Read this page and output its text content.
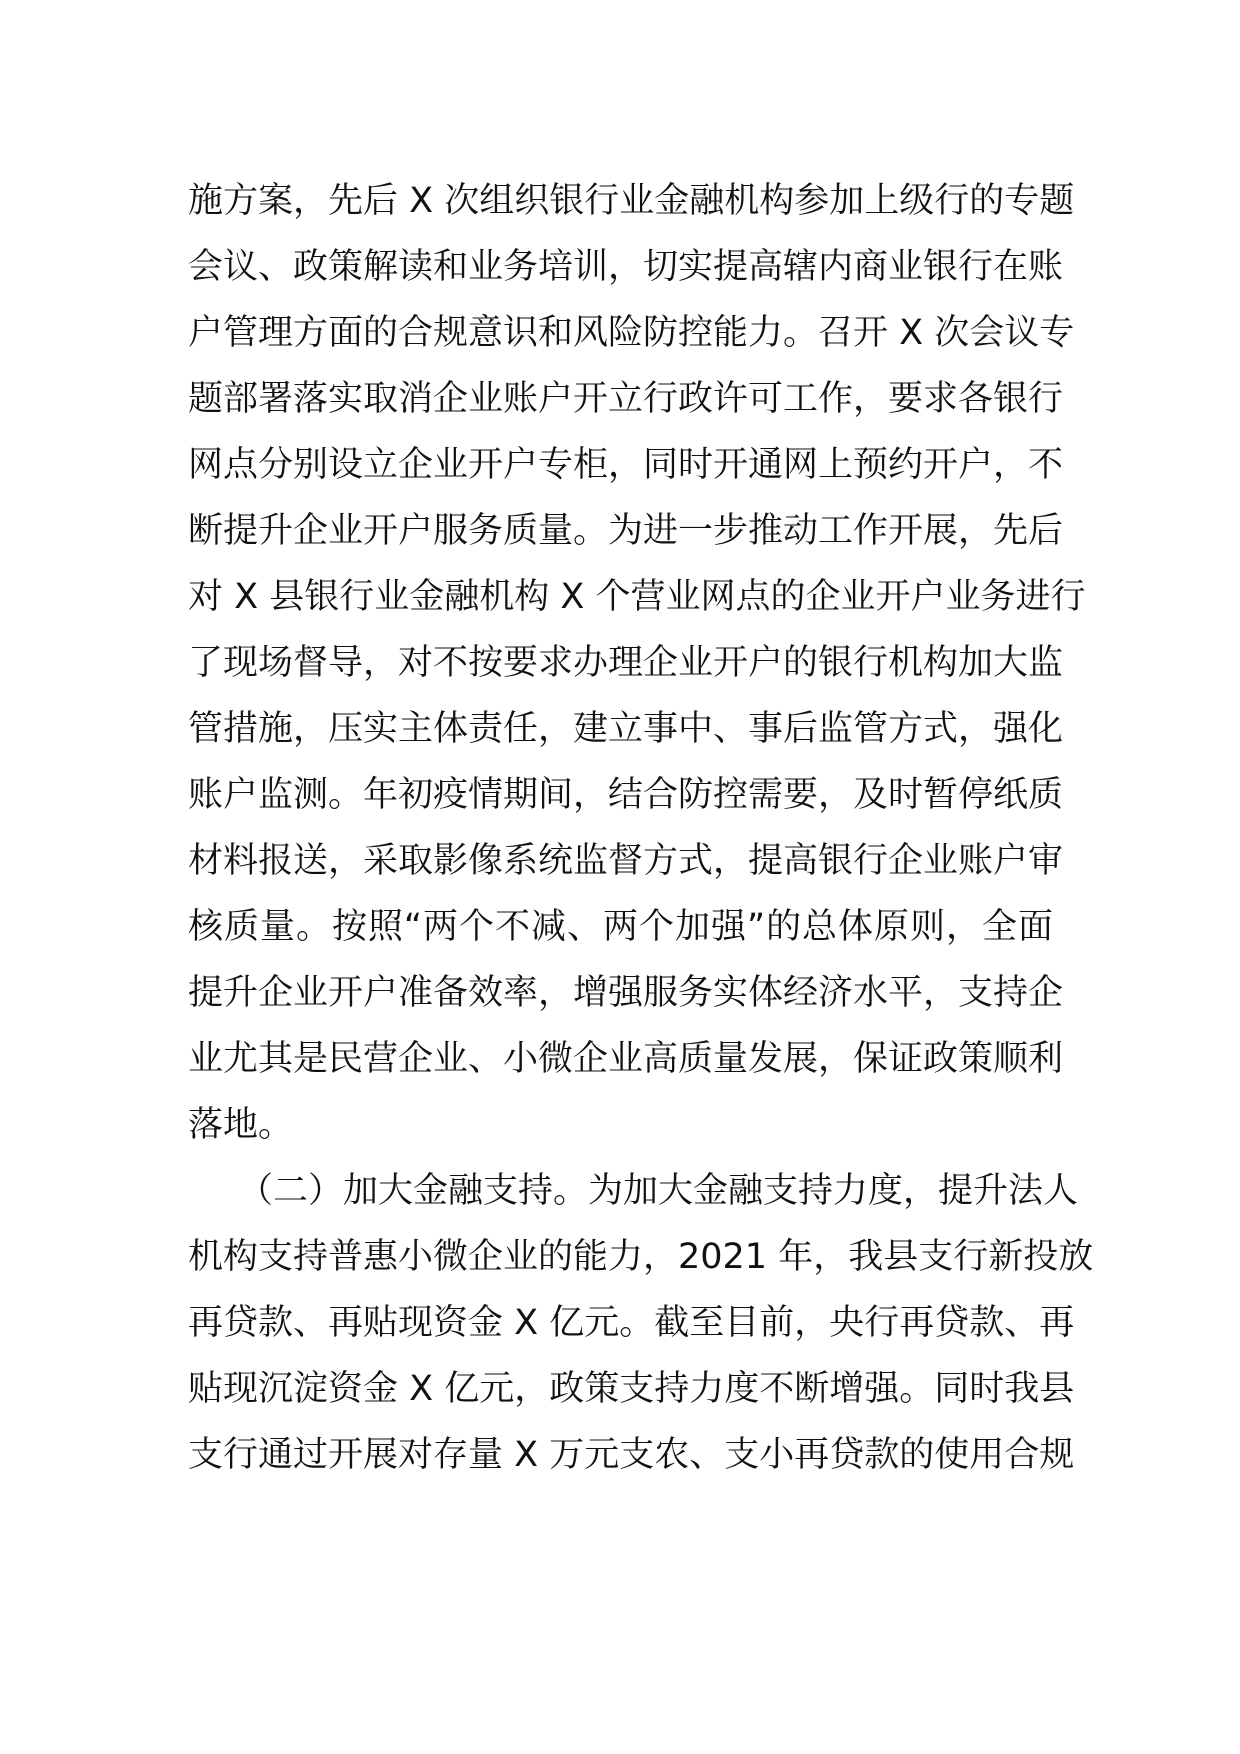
施方案，先后 X 次组织银行业金融机构参加上级行的专题
会议、政策解读和业务培训，切实提高辖内商业银行在账
户管理方面的合规意识和风险防控能力。召开 X 次会议专
题部署落实取消企业账户开立行政许可工作，要求各银行
网点分别设立企业开户专柜，同时开通网上预约开户，不
断提升企业开户服务质量。为进一步推动工作开展，先后
对 X 县银行业金融机构 X 个营业网点的企业开户业务进行
了现场督导，对不按要求办理企业开户的银行机构加大监
管措施，压实主体责任，建立事中、事后监管方式，强化
账户监测。年初疫情期间，结合防控需要，及时暂停纸质
材料报送，采取影像系统监督方式，提高银行企业账户审
核质量。按照“两个不减、两个加强”的总体原则，全面
提升企业开户准备效率，增强服务实体经济水平，支持企
业尤其是民营企业、小微企业高质量发展，保证政策顺利
落地。
（二）加大金融支持。为加大金融支持力度，提升法人
机构支持普惠小微企业的能力，2021 年，我县支行新投放
再贷款、再贴现资金 X 亿元。截至目前，央行再贷款、再
贴现沉淀资金 X 亿元，政策支持力度不断增强。同时我县
支行通过开展对存量 X 万元支农、支小再贷款的使用合规
